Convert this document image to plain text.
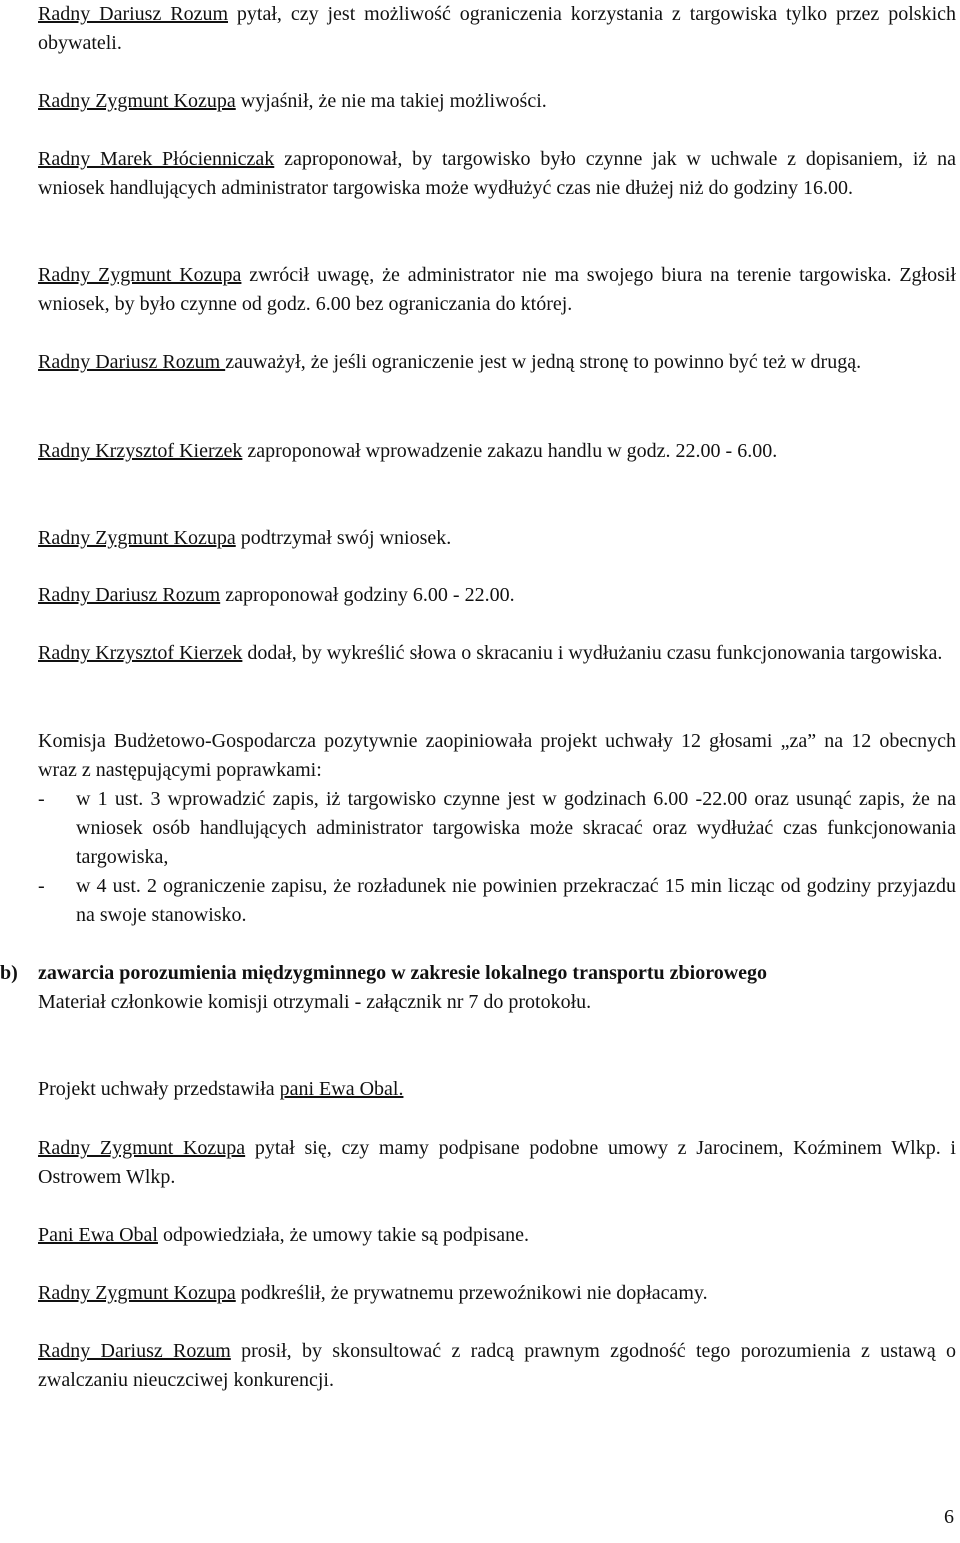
Radny Dariusz Rozum pytał, czy jest możliwość ograniczenia korzystania z targowiska tylko przez polskich obywateli.

Radny Zygmunt Kozupa wyjaśnił, że nie ma takiej możliwości.

Radny Marek Płócienniczak zaproponował, by targowisko było czynne jak w uchwale z dopisaniem, iż na wniosek handlujących administrator targowiska może wydłużyć czas nie dłużej niż do godziny 16.00.

Radny Zygmunt Kozupa zwrócił uwagę, że administrator nie ma swojego biura na terenie targowiska. Zgłosił wniosek, by było czynne od godz. 6.00 bez ograniczania do której.

Radny Dariusz Rozum zauważył, że jeśli ograniczenie jest w jedną stronę to powinno być też w drugą.

Radny Krzysztof Kierzek zaproponował wprowadzenie zakazu handlu w godz. 22.00 - 6.00.

Radny Zygmunt Kozupa podtrzymał swój wniosek.

Radny Dariusz Rozum zaproponował godziny 6.00 - 22.00.

Radny Krzysztof Kierzek dodał, by wykreślić słowa o skracaniu i wydłużaniu czasu funkcjonowania targowiska.

Komisja Budżetowo-Gospodarcza pozytywnie zaopiniowała projekt uchwały 12 głosami „za” na 12 obecnych wraz z następującymi poprawkami:

-	w 1 ust. 3 wprowadzić zapis, iż targowisko czynne jest w godzinach 6.00 -22.00 oraz usunąć zapis, że na wniosek osób handlujących administrator targowiska może skracać oraz wydłużać czas funkcjonowania targowiska,
-	w 4 ust. 2 ograniczenie zapisu, że rozładunek nie powinien przekraczać 15 min licząc od godziny przyjazdu na swoje stanowisko.
b) zawarcia porozumienia międzygminnego w zakresie lokalnego transportu zbiorowego

Materiał członkowie komisji otrzymali - załącznik nr 7 do protokołu.

Projekt uchwały przedstawiła pani Ewa Obal.

Radny Zygmunt Kozupa pytał się, czy mamy podpisane podobne umowy z Jarocinem, Koźminem Wlkp. i Ostrowem Wlkp.

Pani Ewa Obal odpowiedziała, że umowy takie są podpisane.

Radny Zygmunt Kozupa podkreślił, że prywatnemu przewoźnikowi nie dopłacamy.

Radny Dariusz Rozum prosił, by skonsultować z radcą prawnym zgodność tego porozumienia z ustawą o zwalczaniu nieuczciwej konkurencji.

6
